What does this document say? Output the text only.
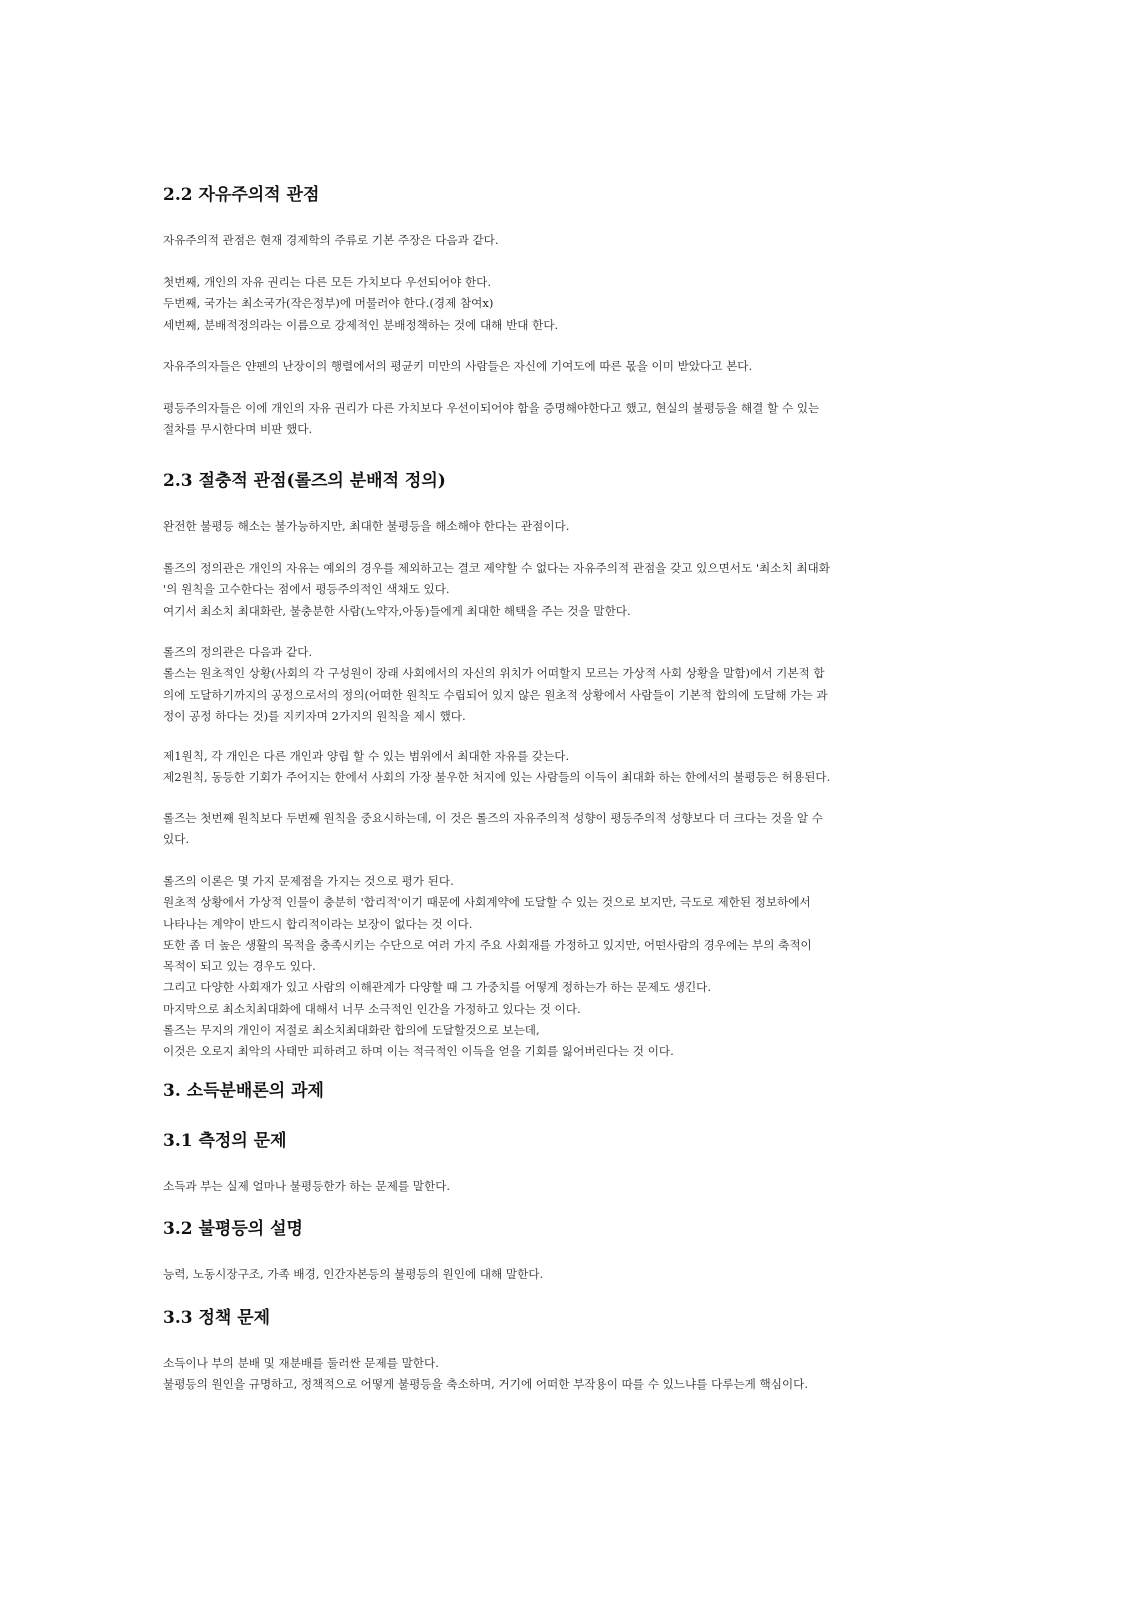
2.2 자유주의적 관점
자유주의적 관점은 현재 경제학의 주류로 기본 주장은 다음과 같다.
첫번째, 개인의 자유 권리는 다른 모든 가치보다 우선되어야 한다.
두번째, 국가는 최소국가(작은정부)에 머물러야 한다.(경제 참여x)
세번째, 분배적정의라는 이름으로 강제적인 분배정책하는 것에 대해 반대 한다.
자유주의자들은 얀펜의 난장이의 행렬에서의 평균키 미만의 사람들은 자신에 기여도에 따른 몫을 이미 받았다고 본다.
평등주의자들은 이에 개인의 자유 권리가 다른 가치보다 우선이되어야 함을 증명해야한다고 했고, 현실의 불평등을 해결 할 수 있는
절차를 무시한다며 비판 했다.
2.3 절충적 관점(롤즈의 분배적 정의)
완전한 불평등 해소는 불가능하지만, 최대한 불평등을 해소해야 한다는 관점이다.
롤즈의 정의관은 개인의 자유는 예외의 경우를 제외하고는 결코 제약할 수 없다는 자유주의적 관점을 갖고 있으면서도 '최소치 최대화
'의 원칙을 고수한다는 점에서 평등주의적인 색채도 있다.
여기서 최소치 최대화란, 불충분한 사람(노약자,아동)들에게 최대한 해택을 주는 것을 말한다.
롤즈의 정의관은 다음과 같다.
롤스는 원초적인 상황(사회의 각 구성원이 장래 사회에서의 자신의 위치가 어떠할지 모르는 가상적 사회 상황을 말함)에서 기본적 합
의에 도달하기까지의 공정으로서의 정의(어떠한 원칙도 수립되어 있지 않은 원초적 상황에서 사람들이 기본적 합의에 도달해 가는 과
정이 공정 하다는 것)를 지키자며 2가지의 원칙을 제시 했다.
제1원칙, 각 개인은 다른 개인과 양립 할 수 있는 범위에서 최대한 자유를 갖는다.
제2원칙, 동등한 기회가 주어지는 한에서 사회의 가장 불우한 처지에 있는 사람들의 이득이 최대화 하는 한에서의 불평등은 허용된다.
롤즈는 첫번째 원칙보다 두번째 원칙을 중요시하는데, 이 것은 롤즈의 자유주의적 성향이 평등주의적 성향보다 더 크다는 것을 알 수
있다.
롤즈의 이론은 몇 가지 문제점을 가지는 것으로 평가 된다.
원초적 상황에서 가상적 인물이 충분히 '합리적'이기 때문에 사회계약에 도달할 수 있는 것으로 보지만, 극도로 제한된 정보하에서
나타나는 계약이 반드시 합리적이라는 보장이 없다는 것 이다.
또한 좀 더 높은 생활의 목적을 충족시키는 수단으로 여러 가지 주요 사회재를 가정하고 있지만, 어떤사람의 경우에는 부의 축적이
목적이 되고 있는 경우도 있다.
그리고 다양한 사회재가 있고 사람의 이해관계가 다양할 때 그 가중치를 어떻게 정하는가 하는 문제도 생긴다.
마지막으로 최소치최대화에 대해서 너무 소극적인 인간을 가정하고 있다는 것 이다.
롤즈는 무지의 개인이 저절로 최소치최대화란 합의에 도달할것으로 보는데,
이것은 오로지 최악의 사태만 피하려고 하며 이는 적극적인 이득을 얻을 기회를 잃어버린다는 것 이다.
3. 소득분배론의 과제
3.1 측정의 문제
소득과 부는 실제 얼마나 불평등한가 하는 문제를 말한다.
3.2 불평등의 설명
능력, 노동시장구조, 가족 배경, 인간자본등의 불평등의 원인에 대해 말한다.
3.3 정책 문제
소득이나 부의 분배 및 재분배를 둘러싼 문제를 말한다.
불평등의 원인을 규명하고, 정책적으로 어떻게 불평등을 축소하며, 거기에 어떠한 부작용이 따를 수 있느냐를 다루는게 핵심이다.
